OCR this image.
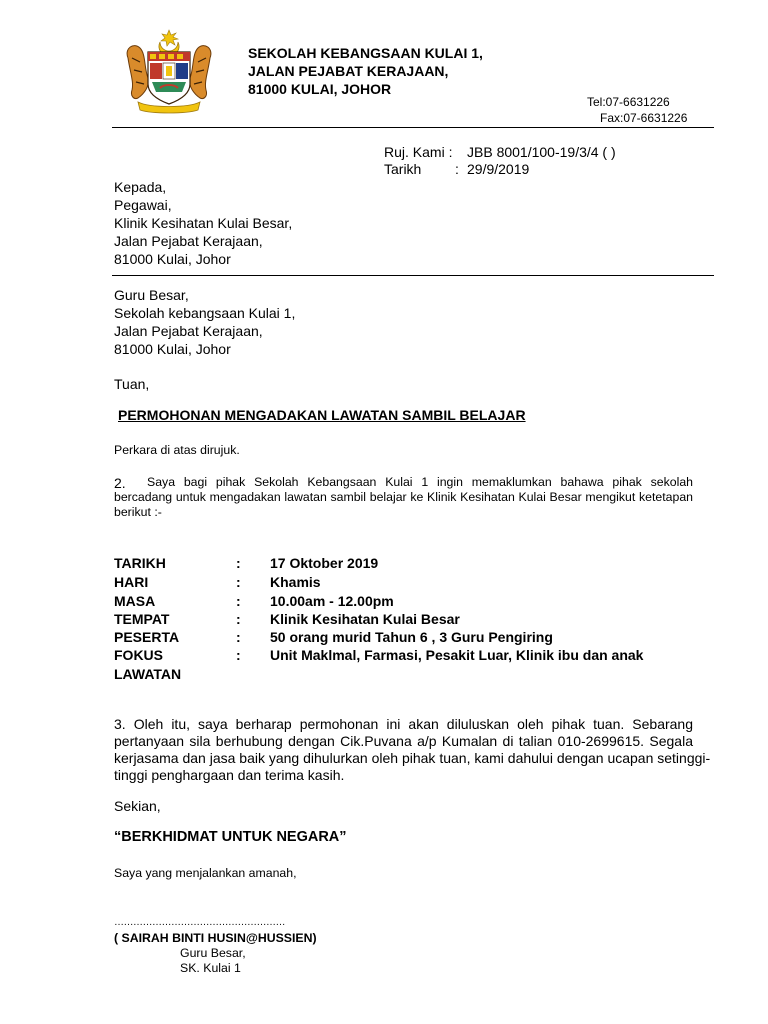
SEKOLAH KEBANGSAAN KULAI 1,
JALAN PEJABAT KERAJAAN,
81000 KULAI, JOHOR
Tel:07-6631226
Fax:07-6631226
Ruj. Kami : JBB 8001/100-19/3/4 ( )
Tarikh : 29/9/2019
Kepada,
Pegawai,
Klinik Kesihatan Kulai Besar,
Jalan Pejabat Kerajaan,
81000 Kulai, Johor
Guru Besar,
Sekolah kebangsaan Kulai 1,
Jalan Pejabat Kerajaan,
81000 Kulai, Johor
Tuan,
PERMOHONAN MENGADAKAN LAWATAN SAMBIL BELAJAR
Perkara di atas dirujuk.
2. Saya bagi pihak Sekolah Kebangsaan Kulai 1 ingin memaklumkan bahawa pihak sekolah
bercadang untuk mengadakan lawatan sambil belajar ke Klinik Kesihatan Kulai Besar mengikut ketetapan
berikut :-
TARIKH	: 17 Oktober 2019
HARI	: Khamis
MASA	: 10.00am - 12.00pm
TEMPAT	: Klinik Kesihatan Kulai Besar
PESERTA	: 50 orang murid Tahun 6 , 3 Guru Pengiring
FOKUS	: Unit Maklmal, Farmasi, Pesakit Luar, Klinik ibu dan anak
LAWATAN
3. Oleh itu, saya berharap permohonan ini akan diluluskan oleh pihak tuan. Sebarang
pertanyaan sila berhubung dengan Cik.Puvana a/p Kumalan di talian 010-2699615. Segala
kerjasama dan jasa baik yang dihulurkan oleh pihak tuan, kami dahului dengan ucapan setinggi-
tinggi penghargaan dan terima kasih.
Sekian,
“BERKHIDMAT UNTUK NEGARA”
Saya yang menjalankan amanah,
………………………………………………
( SAIRAH BINTI HUSIN@HUSSIEN)
Guru Besar,
SK. Kulai 1
